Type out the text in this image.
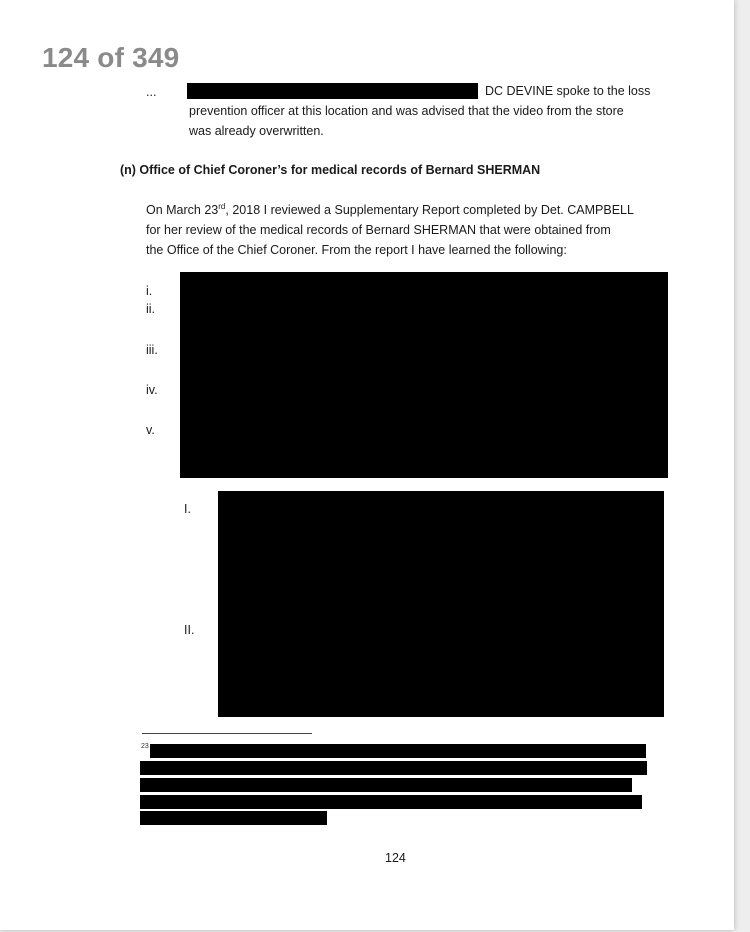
124 of 349
...	DC DEVINE spoke to the loss
prevention officer at this location and was advised that the video from the store
was already overwritten.
(n) Office of Chief Coroner’s for medical records of Bernard SHERMAN
On March 23rd, 2018 I reviewed a Supplementary Report completed by Det. CAMPBELL
for her review of the medical records of Bernard SHERMAN that were obtained from
the Office of the Chief Coroner. From the report I have learned the following:
i.
ii.
iii.
iv.
v.
I.
II.
23
124
